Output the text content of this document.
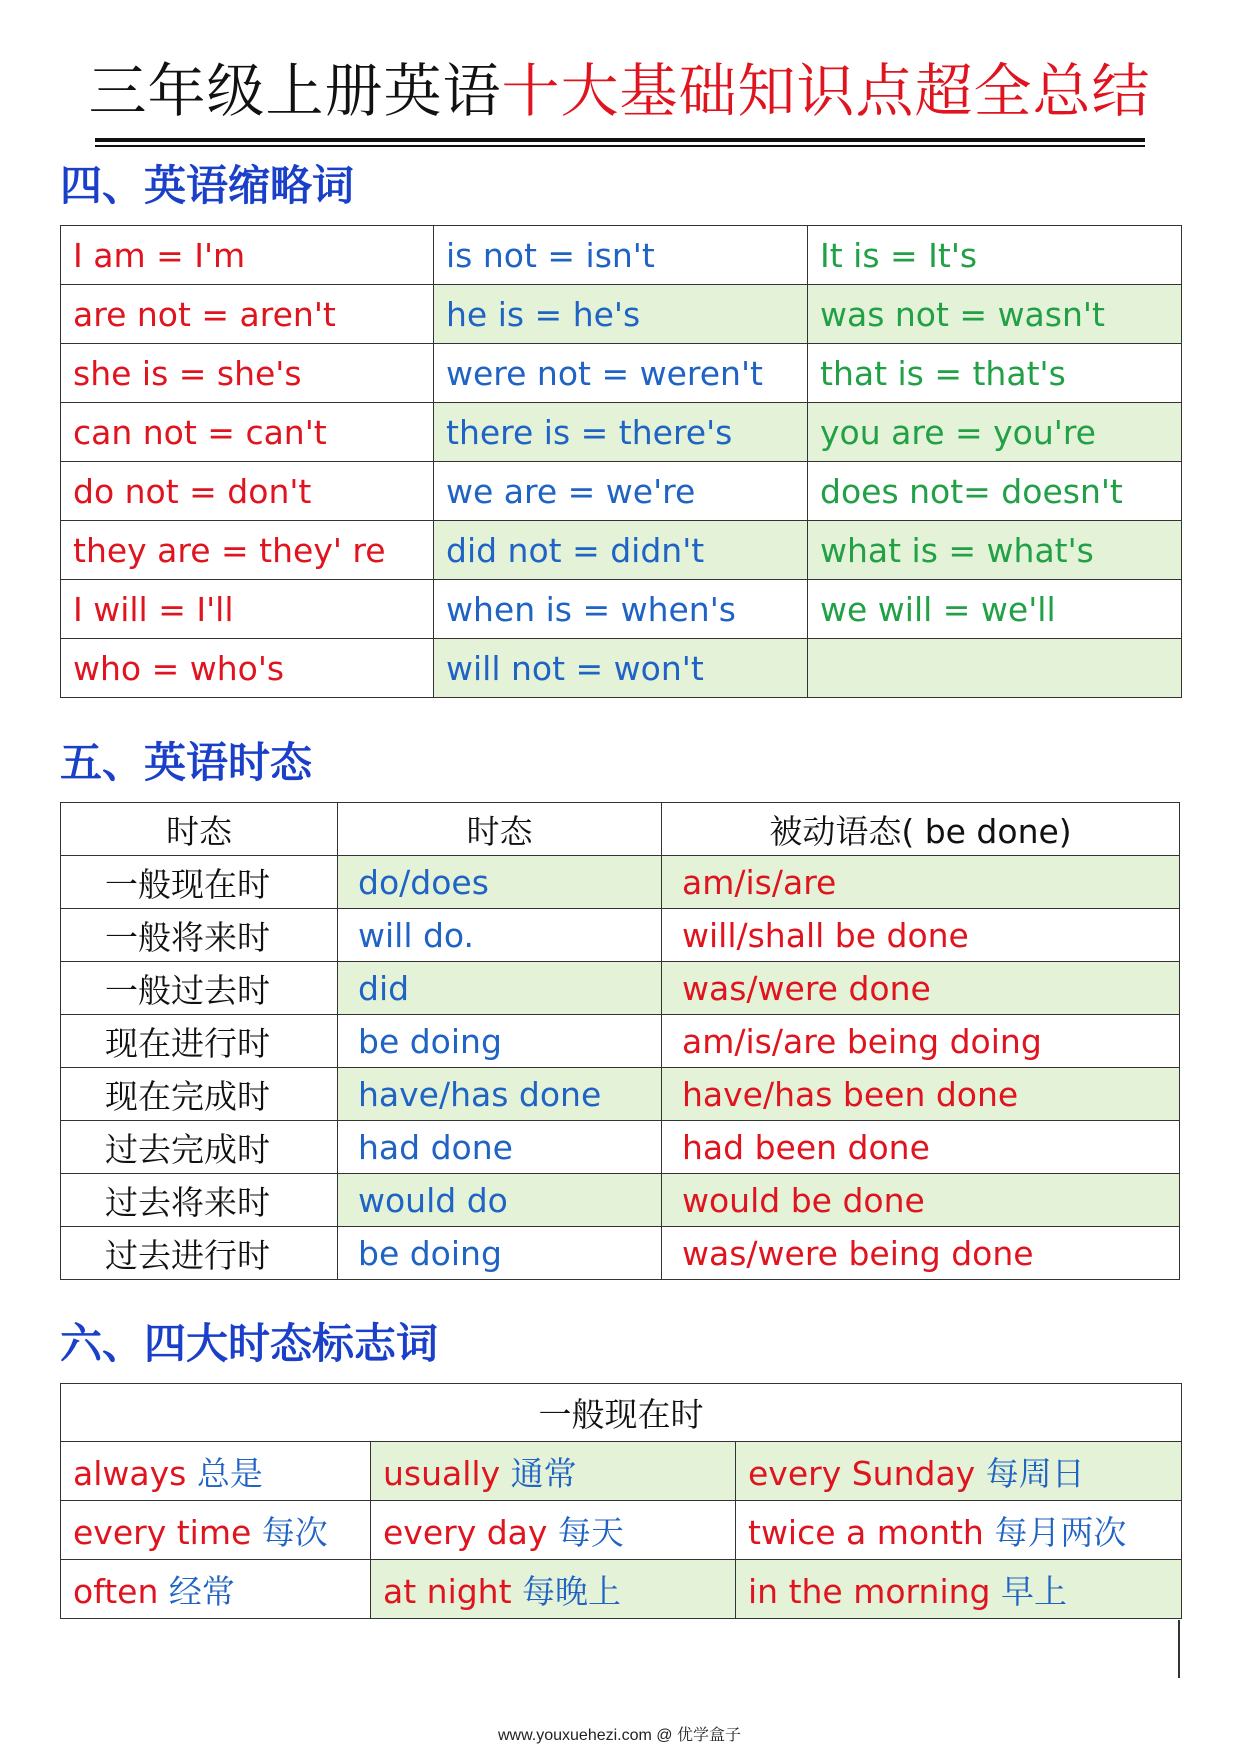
三年级上册英语十大基础知识点超全总结
四、英语缩略词
I am = I'm	is not = isn't	It is = It's
are not = aren't	he is = he's	was not = wasn't
she is = she's	were not = weren't	that is = that's
can not = can't	there is = there's	you are = you're
do not = don't	we are = we're	does not= doesn't
they are = they' re	did not = didn't	what is = what's
I will = I'll	when is = when's	we will = we'll
who = who's	will not = won't	
五、英语时态
时态	时态	被动语态( be done)
一般现在时	do/does	am/is/are
一般将来时	will do.	will/shall be done
一般过去时	did	was/were done
现在进行时	be doing	am/is/are being doing
现在完成时	have/has done	have/has been done
过去完成时	had done	had been done
过去将来时	would do	would be done
过去进行时	be doing	was/were being done
六、四大时态标志词
一般现在时		
always 总是	usually 通常	every Sunday 每周日
every time 每次	every day 每天	twice a month 每月两次
often 经常	at night 每晚上	in the morning 早上
www.youxuehezi.com @ 优学盒子
